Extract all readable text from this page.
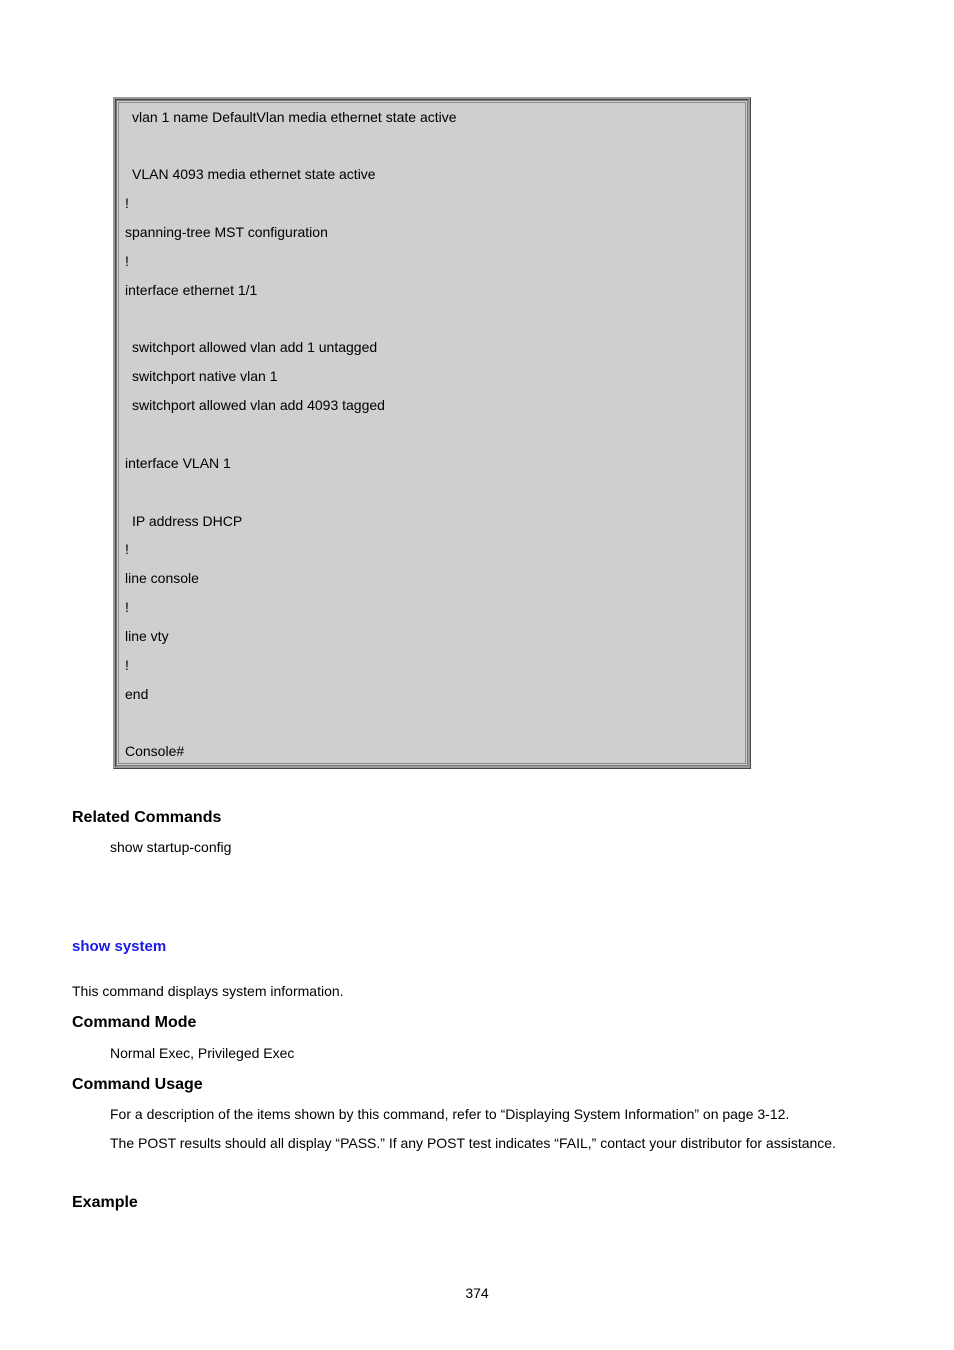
vlan 1 name DefaultVlan media ethernet state active
VLAN 4093 media ethernet state active
!
spanning-tree MST configuration
!
interface ethernet 1/1
switchport allowed vlan add 1 untagged
switchport native vlan 1
switchport allowed vlan add 4093 tagged
interface VLAN 1
IP address DHCP
!
line console
!
line vty
!
end
Console#
Related Commands
show startup-config
show system
This command displays system information.
Command Mode
Normal Exec, Privileged Exec
Command Usage
For a description of the items shown by this command, refer to “Displaying System Information” on page 3-12.
The POST results should all display “PASS.” If any POST test indicates “FAIL,” contact your distributor for assistance.
Example
374
